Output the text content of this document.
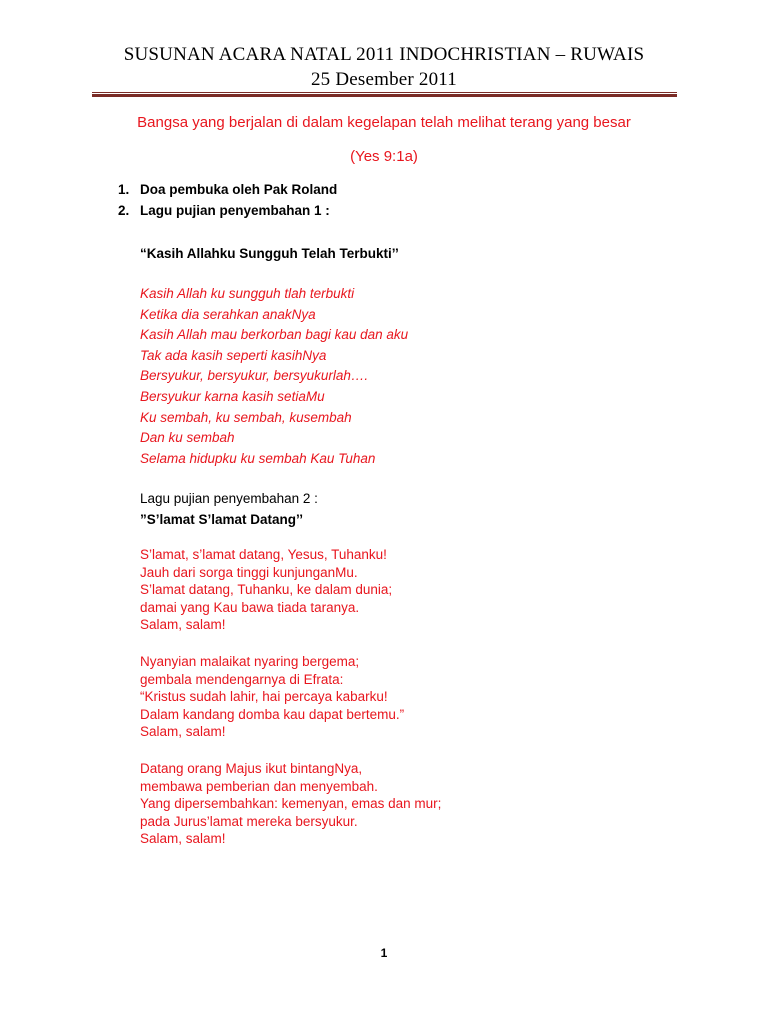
SUSUNAN ACARA NATAL 2011 INDOCHRISTIAN – RUWAIS
25 Desember 2011
Bangsa yang berjalan di dalam kegelapan telah melihat terang yang besar
(Yes 9:1a)
1. Doa pembuka oleh Pak Roland
2. Lagu pujian penyembahan 1 :
“Kasih Allahku Sungguh Telah Terbukti’’
Kasih Allah ku sungguh tlah terbukti
Ketika dia serahkan anakNya
Kasih Allah mau berkorban bagi kau dan aku
Tak ada kasih seperti kasihNya
Bersyukur, bersyukur, bersyukurlah….
Bersyukur karna kasih setiaMu
Ku sembah, ku sembah, kusembah
Dan ku sembah
Selama hidupku ku sembah Kau Tuhan
Lagu pujian penyembahan 2 :
”S’lamat S’lamat Datang’’
S’lamat, s’lamat datang, Yesus, Tuhanku!
Jauh dari sorga tinggi kunjunganMu.
S’lamat datang, Tuhanku, ke dalam dunia;
damai yang Kau bawa tiada taranya.
Salam, salam!
Nyanyian malaikat nyaring bergema;
gembala mendengarnya di Efrata:
“Kristus sudah lahir, hai percaya kabarku!
Dalam kandang domba kau dapat bertemu.”
Salam, salam!
Datang orang Majus ikut bintangNya,
membawa pemberian dan menyembah.
Yang dipersembahkan: kemenyan, emas dan mur;
pada Jurus’lamat mereka bersyukur.
Salam, salam!
1
